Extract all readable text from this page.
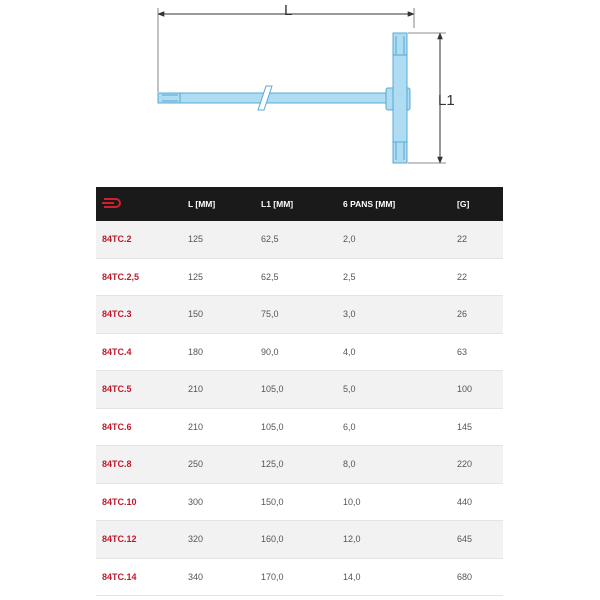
L
L1
	L [MM]	L1 [MM]	6 PANS [MM]	[G]
84TC.2	125	62,5	2,0	22
84TC.2,5	125	62,5	2,5	22
84TC.3	150	75,0	3,0	26
84TC.4	180	90,0	4,0	63
84TC.5	210	105,0	5,0	100
84TC.6	210	105,0	6,0	145
84TC.8	250	125,0	8,0	220
84TC.10	300	150,0	10,0	440
84TC.12	320	160,0	12,0	645
84TC.14	340	170,0	14,0	680
